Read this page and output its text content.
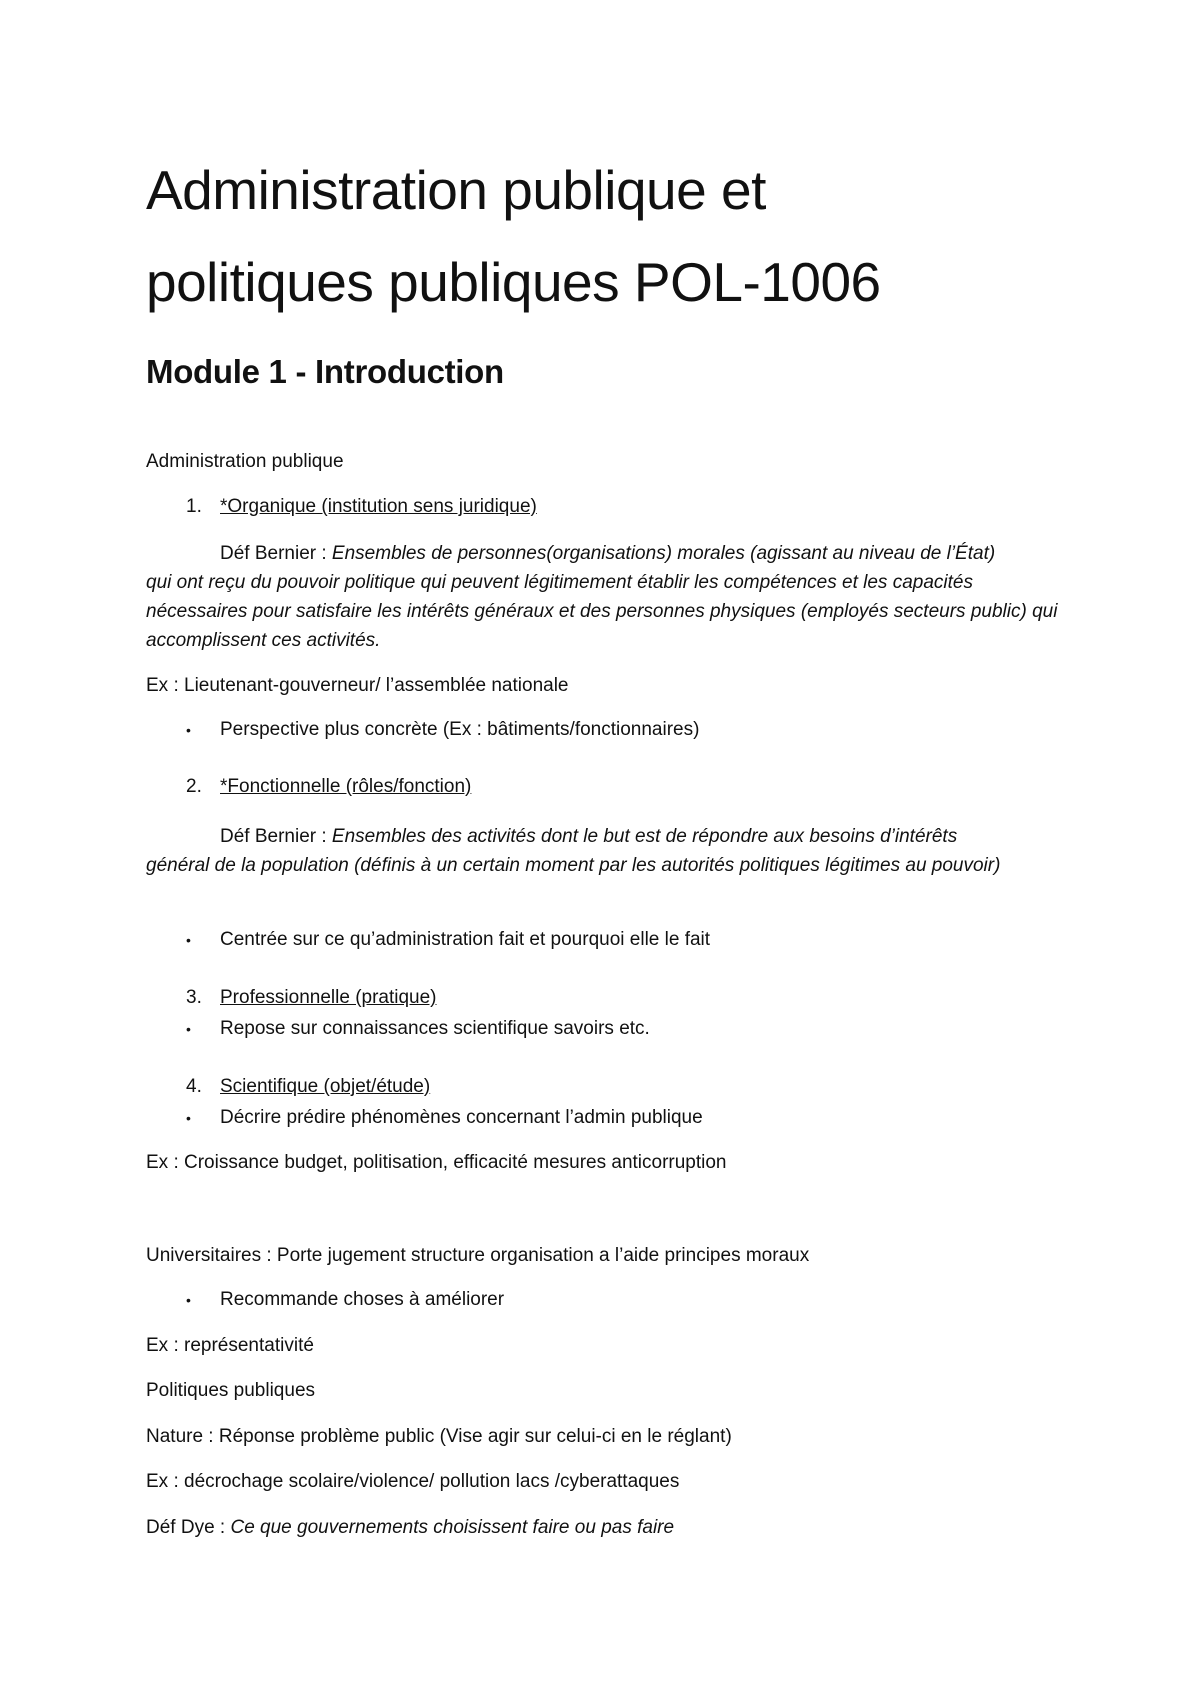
Administration publique et
politiques publiques POL-1006
Module 1 - Introduction
Administration publique
1. *Organique (institution sens juridique)

Déf Bernier : Ensembles de personnes(organisations) morales (agissant au niveau de l’État)
qui ont reçu du pouvoir politique qui peuvent légitimement établir les compétences et les capacités nécessaires pour satisfaire les intérêts généraux et des personnes physiques (employés secteurs public) qui accomplissent ces activités.

Ex : Lieutenant-gouverneur/ l’assemblée nationale
• Perspective plus concrète (Ex : bâtiments/fonctionnaires)
2. *Fonctionnelle (rôles/fonction)

Déf Bernier : Ensembles des activités dont le but est de répondre aux besoins d’intérêts
général de la population (définis à un certain moment par les autorités politiques légitimes au pouvoir)

• Centrée sur ce qu’administration fait et pourquoi elle le fait
3. Professionnelle (pratique)
• Repose sur connaissances scientifique savoirs etc.
4. Scientifique (objet/étude)
• Décrire prédire phénomènes concernant l’admin publique
Ex : Croissance budget, politisation, efficacité mesures anticorruption
Universitaires : Porte jugement structure organisation a l’aide principes moraux
• Recommande choses à améliorer
Ex : représentativité
Politiques publiques
Nature : Réponse problème public (Vise agir sur celui-ci en le réglant)
Ex : décrochage scolaire/violence/ pollution lacs /cyberattaques
Déf Dye : Ce que gouvernements choisissent faire ou pas faire
